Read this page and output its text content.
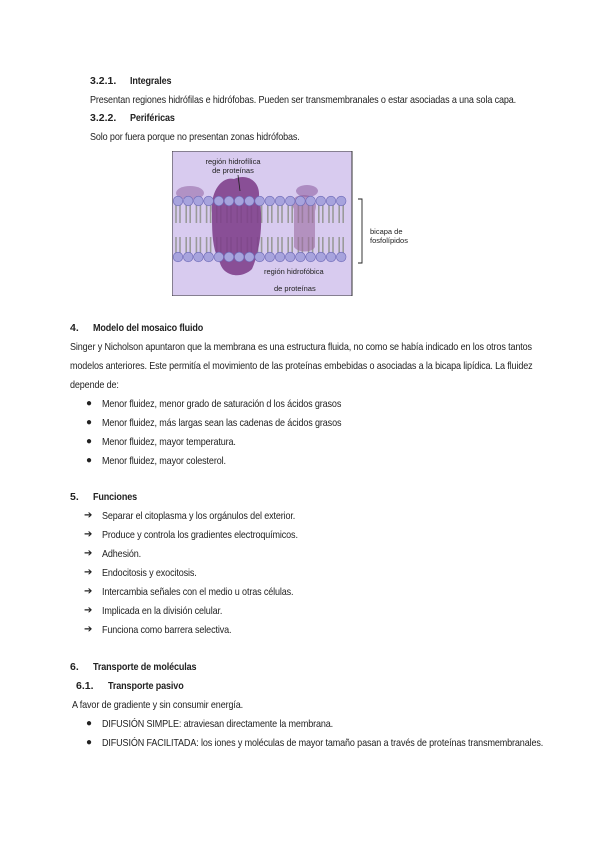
3.2.1. Integrales
Presentan regiones hidrófilas e hidrófobas. Pueden ser transmembranales o estar asociadas a una sola capa.
3.2.2. Periféricas
Solo por fuera porque no presentan zonas hidrófobas.
región hidrofílica
de proteínas
región hidrofóbica
de proteínas
bicapa de
fosfolípidos
4. Modelo del mosaico fluido
Singer y Nicholson apuntaron que la membrana es una estructura fluida, no como se había indicado en los otros tantos
modelos anteriores. Este permitía el movimiento de las proteínas embebidas o asociadas a la bicapa lipídica. La fluidez
depende de:
● Menor fluidez, menor grado de saturación d los ácidos grasos
● Menor fluidez, más largas sean las cadenas de ácidos grasos
● Menor fluidez, mayor temperatura.
● Menor fluidez, mayor colesterol.
5. Funciones
➔ Separar el citoplasma y los orgánulos del exterior.
➔ Produce y controla los gradientes electroquímicos.
➔ Adhesión.
➔ Endocitosis y exocitosis.
➔ Intercambia señales con el medio u otras células.
➔ Implicada en la división celular.
➔ Funciona como barrera selectiva.
6. Transporte de moléculas
6.1. Transporte pasivo
A favor de gradiente y sin consumir energía.
● DIFUSIÓN SIMPLE: atraviesan directamente la membrana.
● DIFUSIÓN FACILITADA: los iones y moléculas de mayor tamaño pasan a través de proteínas transmembranales.
